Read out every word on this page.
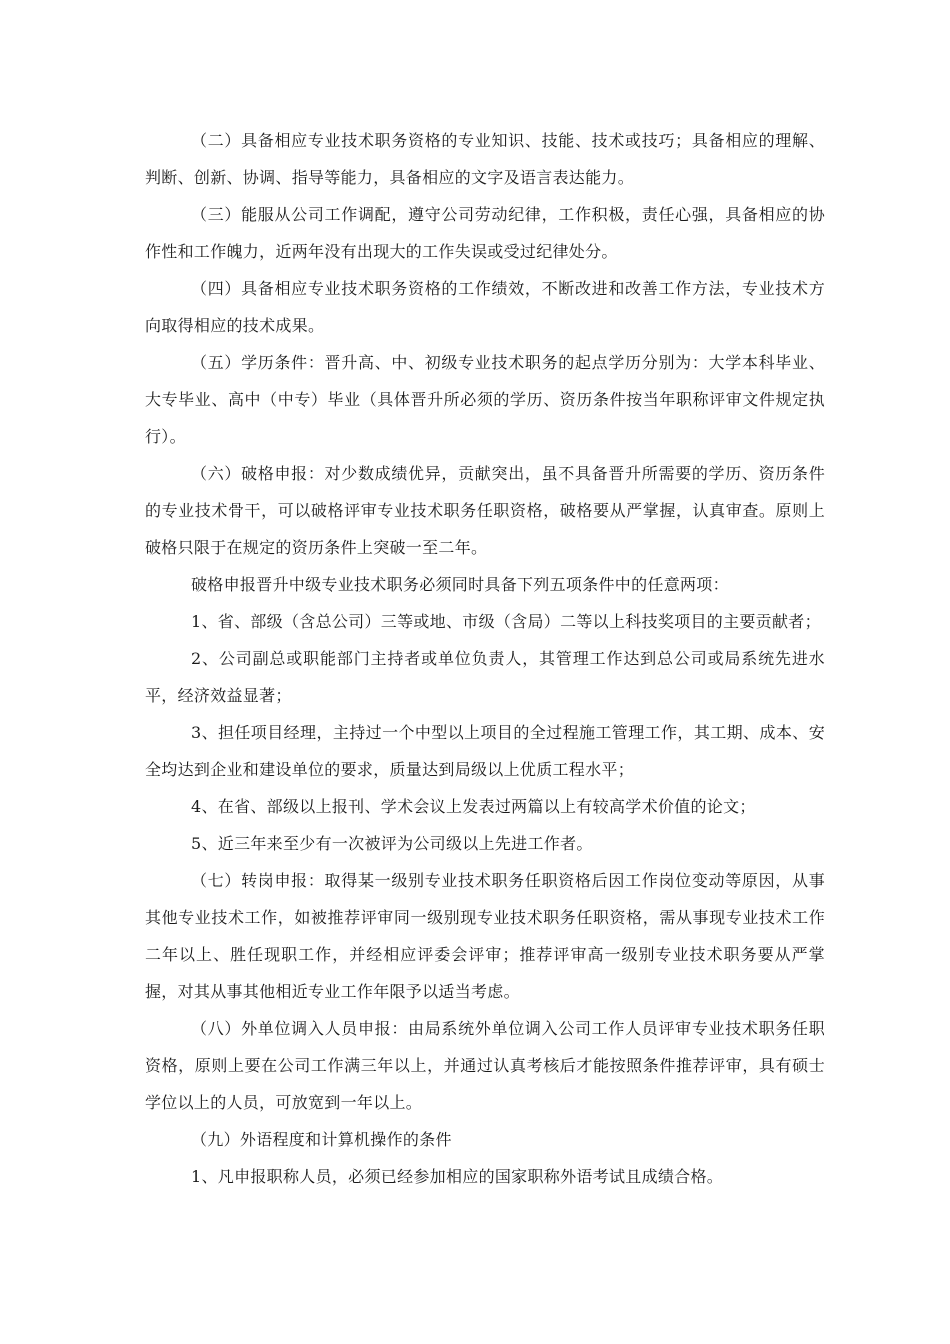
（二）具备相应专业技术职务资格的专业知识、技能、技术或技巧；具备相应的理解、判断、创新、协调、指导等能力，具备相应的文字及语言表达能力。

（三）能服从公司工作调配，遵守公司劳动纪律，工作积极，责任心强，具备相应的协作性和工作魄力，近两年没有出现大的工作失误或受过纪律处分。

（四）具备相应专业技术职务资格的工作绩效，不断改进和改善工作方法，专业技术方向取得相应的技术成果。

（五）学历条件：晋升高、中、初级专业技术职务的起点学历分别为：大学本科毕业、大专毕业、高中（中专）毕业（具体晋升所必须的学历、资历条件按当年职称评审文件规定执行）。

（六）破格申报：对少数成绩优异，贡献突出，虽不具备晋升所需要的学历、资历条件的专业技术骨干，可以破格评审专业技术职务任职资格，破格要从严掌握，认真审查。原则上破格只限于在规定的资历条件上突破一至二年。

破格申报晋升中级专业技术职务必须同时具备下列五项条件中的任意两项：

1、省、部级（含总公司）三等或地、市级（含局）二等以上科技奖项目的主要贡献者；

2、公司副总或职能部门主持者或单位负责人，其管理工作达到总公司或局系统先进水平，经济效益显著；

3、担任项目经理，主持过一个中型以上项目的全过程施工管理工作，其工期、成本、安全均达到企业和建设单位的要求，质量达到局级以上优质工程水平；

4、在省、部级以上报刊、学术会议上发表过两篇以上有较高学术价值的论文；

5、近三年来至少有一次被评为公司级以上先进工作者。

（七）转岗申报：取得某一级别专业技术职务任职资格后因工作岗位变动等原因，从事其他专业技术工作，如被推荐评审同一级别现专业技术职务任职资格，需从事现专业技术工作二年以上、胜任现职工作，并经相应评委会评审；推荐评审高一级别专业技术职务要从严掌握，对其从事其他相近专业工作年限予以适当考虑。

（八）外单位调入人员申报：由局系统外单位调入公司工作人员评审专业技术职务任职资格，原则上要在公司工作满三年以上，并通过认真考核后才能按照条件推荐评审，具有硕士学位以上的人员，可放宽到一年以上。

（九）外语程度和计算机操作的条件

1、凡申报职称人员，必须已经参加相应的国家职称外语考试且成绩合格。
